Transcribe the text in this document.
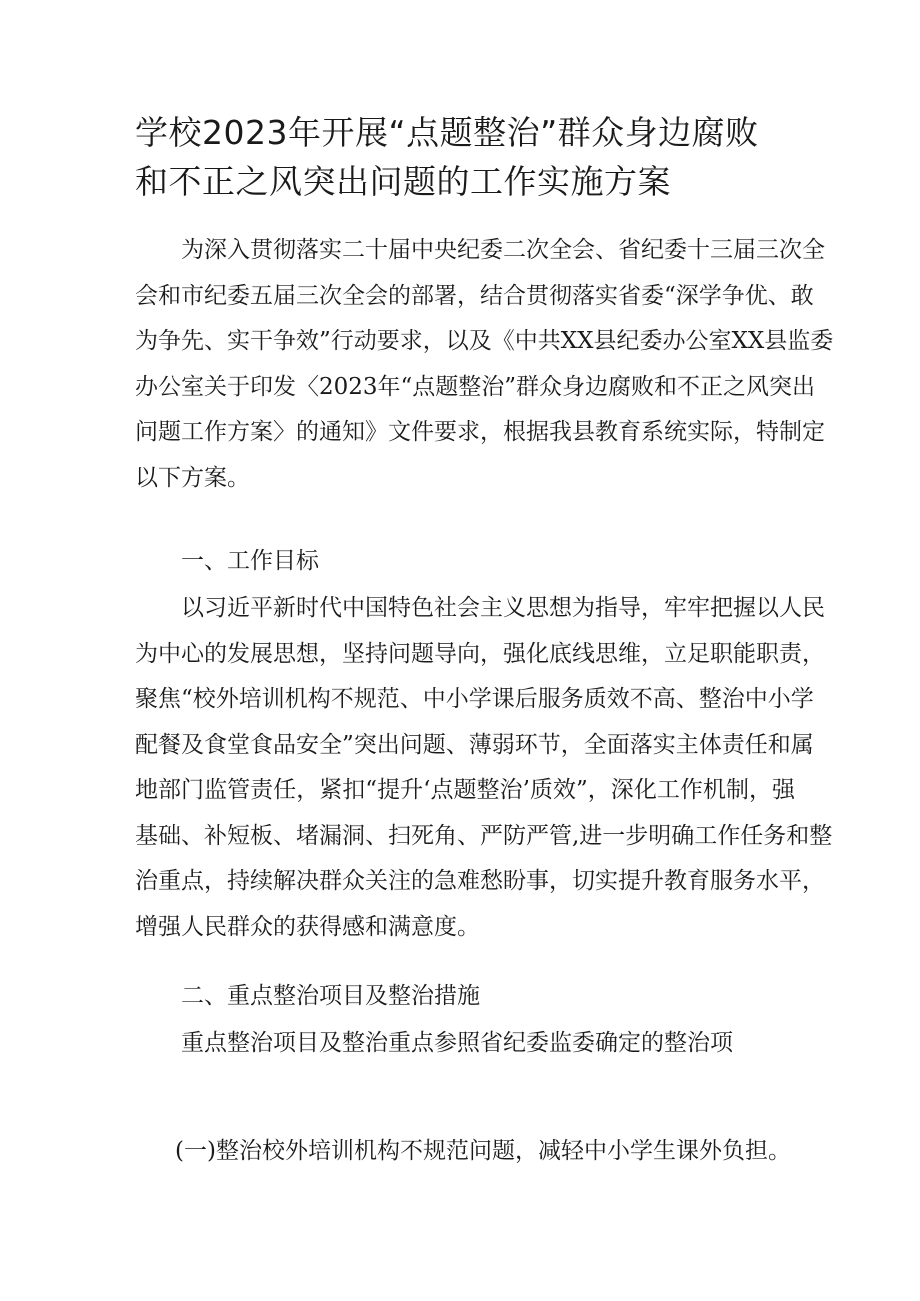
学校2023年开展“点题整治”群众身边腐败
和不正之风突出问题的工作实施方案
为深入贯彻落实二十届中央纪委二次全会、省纪委十三届三次全
会和市纪委五届三次全会的部署，结合贯彻落实省委“深学争优、敢
为争先、实干争效”行动要求，以及《中共XX县纪委办公室XX县监委
办公室关于印发〈2023年“点题整治”群众身边腐败和不正之风突出
问题工作方案〉的通知》文件要求，根据我县教育系统实际，特制定
以下方案。
一、工作目标
以习近平新时代中国特色社会主义思想为指导，牢牢把握以人民
为中心的发展思想，坚持问题导向，强化底线思维，立足职能职责，
聚焦“校外培训机构不规范、中小学课后服务质效不高、整治中小学
配餐及食堂食品安全”突出问题、薄弱环节，全面落实主体责任和属
地部门监管责任，紧扣“提升‘点题整治’质效”，深化工作机制，强
基础、补短板、堵漏洞、扫死角、严防严管,进一步明确工作任务和整
治重点，持续解决群众关注的急难愁盼事，切实提升教育服务水平，
增强人民群众的获得感和满意度。
二、重点整治项目及整治措施
重点整治项目及整治重点参照省纪委监委确定的整治项
(一)整治校外培训机构不规范问题，减轻中小学生课外负担。
